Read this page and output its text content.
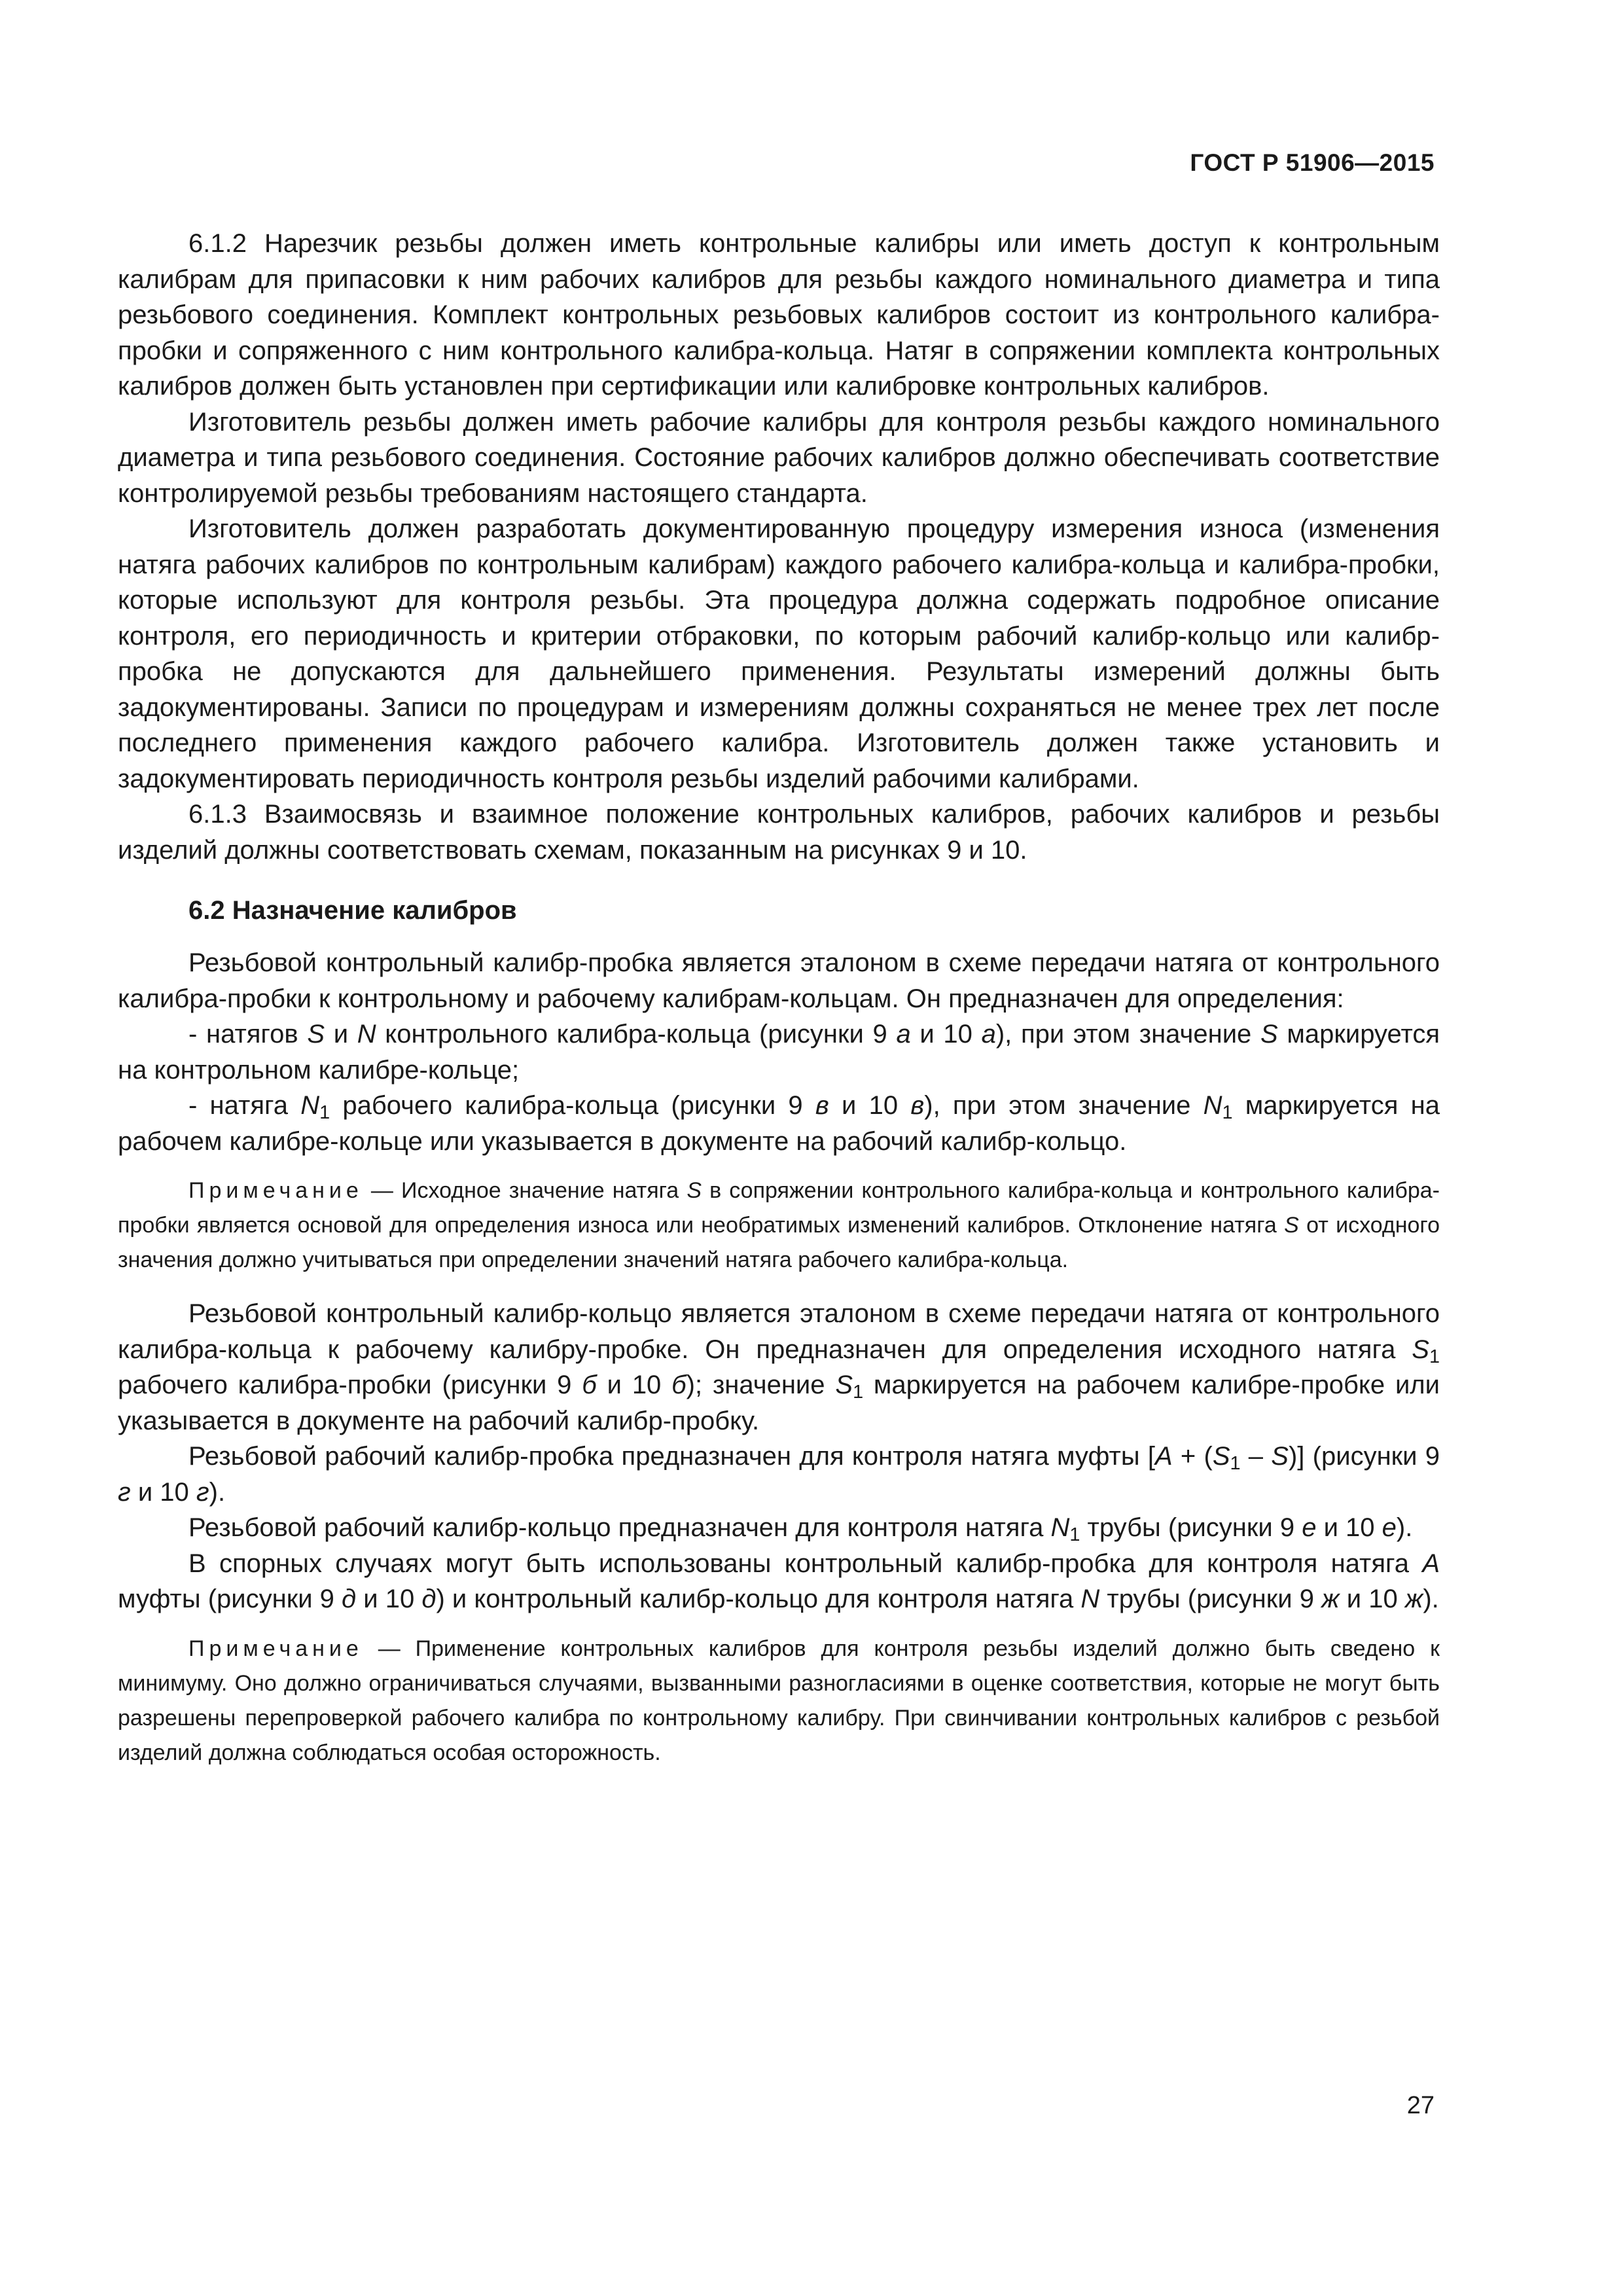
ГОСТ Р 51906—2015

6.1.2 Нарезчик резьбы должен иметь контрольные калибры или иметь доступ к контрольным калибрам для припасовки к ним рабочих калибров для резьбы каждого номинального диаметра и типа резьбового соединения. Комплект контрольных резьбовых калибров состоит из контрольного калибра-пробки и сопряженного с ним контрольного калибра-кольца. Натяг в сопряжении комплекта контрольных калибров должен быть установлен при сертификации или калибровке контрольных калибров.

Изготовитель резьбы должен иметь рабочие калибры для контроля резьбы каждого номинального диаметра и типа резьбового соединения. Состояние рабочих калибров должно обеспечивать соответствие контролируемой резьбы требованиям настоящего стандарта.

Изготовитель должен разработать документированную процедуру измерения износа (изменения натяга рабочих калибров по контрольным калибрам) каждого рабочего калибра-кольца и калибра-пробки, которые используют для контроля резьбы. Эта процедура должна содержать подробное описание контроля, его периодичность и критерии отбраковки, по которым рабочий калибр-кольцо или калибр-пробка не допускаются для дальнейшего применения. Результаты измерений должны быть задокументированы. Записи по процедурам и измерениям должны сохраняться не менее трех лет после последнего применения каждого рабочего калибра. Изготовитель должен также установить и задокументировать периодичность контроля резьбы изделий рабочими калибрами.

6.1.3 Взаимосвязь и взаимное положение контрольных калибров, рабочих калибров и резьбы изделий должны соответствовать схемам, показанным на рисунках 9 и 10.

6.2 Назначение калибров

Резьбовой контрольный калибр-пробка является эталоном в схеме передачи натяга от контрольного калибра-пробки к контрольному и рабочему калибрам-кольцам. Он предназначен для определения:

- натягов S и N контрольного калибра-кольца (рисунки 9 а и 10 а), при этом значение S маркируется на контрольном калибре-кольце;

- натяга $N_1$ рабочего калибра-кольца (рисунки 9 в и 10 в), при этом значение $N_1$ маркируется на рабочем калибре-кольце или указывается в документе на рабочий калибр-кольцо.

Примечание — Исходное значение натяга S в сопряжении контрольного калибра-кольца и контрольного калибра-пробки является основой для определения износа или необратимых изменений калибров. Отклонение натяга S от исходного значения должно учитываться при определении значений натяга рабочего калибра-кольца.

Резьбовой контрольный калибр-кольцо является эталоном в схеме передачи натяга от контрольного калибра-кольца к рабочему калибру-пробке. Он предназначен для определения исходного натяга $S_1$ рабочего калибра-пробки (рисунки 9 б и 10 б); значение $S_1$ маркируется на рабочем калибре-пробке или указывается в документе на рабочий калибр-пробку.

Резьбовой рабочий калибр-пробка предназначен для контроля натяга муфты $[A + (S_1 - S)]$ (рисунки 9 г и 10 г).

Резьбовой рабочий калибр-кольцо предназначен для контроля натяга $N_1$ трубы (рисунки 9 е и 10 е).

В спорных случаях могут быть использованы контрольный калибр-пробка для контроля натяга A муфты (рисунки 9 д и 10 д) и контрольный калибр-кольцо для контроля натяга N трубы (рисунки 9 ж и 10 ж).

Примечание — Применение контрольных калибров для контроля резьбы изделий должно быть сведено к минимуму. Оно должно ограничиваться случаями, вызванными разногласиями в оценке соответствия, которые не могут быть разрешены перепроверкой рабочего калибра по контрольному калибру. При свинчивании контрольных калибров с резьбой изделий должна соблюдаться особая осторожность.

27
